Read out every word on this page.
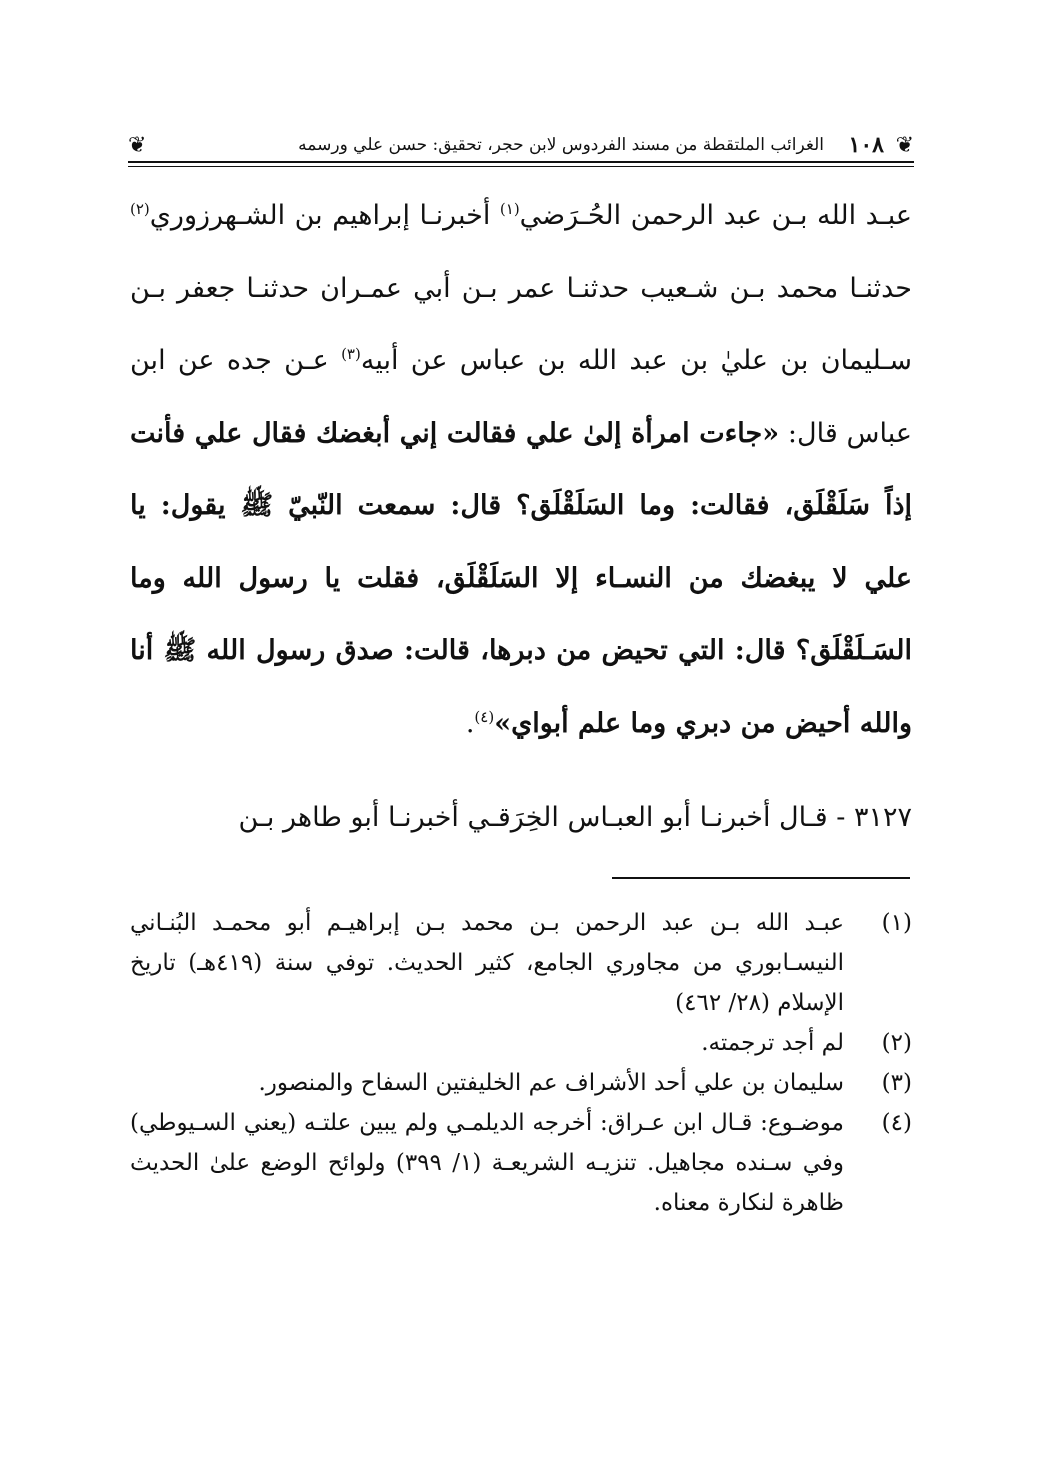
❦	الغرائب الملتقطة من مسند الفردوس لابن حجر، تحقيق: حسن علي ورسمه ١٠٨ ❦

عبـد الله بـن عبد الرحمن الحُـرَضي$^{(١)}$ أخبرنـا إبراهيم بن الشـهرزوري$^{(٢)}$ حدثنـا محمد بـن شـعيب حدثنـا عمر بـن أبي عمـران حدثنـا جعفر بـن سـليمان بن عليٰ بن عبد الله بن عباس عن أبيه$^{(٣)}$ عـن جده عن ابن عباس قال: «جاءت امرأة إلىٰ علي فقالت إني أبغضك فقال علي فأنت إذاً سَلَقْلَق، فقالت: وما السَلَقْلَق؟ قال: سمعت النّبيّ ﷺ يقول: يا علي لا يبغضك من النسـاء إلا السَلَقْلَق، فقلت يا رسول الله وما السَـلَقْلَق؟ قال: التي تحيض من دبرها، قالت: صدق رسول الله ﷺ أنا والله أحيض من دبري وما علم أبواي»$^{(٤)}$.

٣١٢٧ - قـال أخبرنـا أبو العبـاس الخِرَقـي أخبرنـا أبو طاهر بـن

(١)
عبـد الله بـن عبد الرحمن بـن محمد بـن إبراهيـم أبو محمـد البُنـاني النيسـابوري من مجاوري الجامع، كثير الحديث. توفي سنة (٤١٩هـ) تاريخ الإسلام (٢٨/ ٤٦٢)
(٢)
لم أجد ترجمته.
(٣)
سليمان بن علي أحد الأشراف عم الخليفتين السفاح والمنصور.
(٤)
موضـوع: قـال ابن عـراق: أخرجه الديلمـي ولم يبين علتـه (يعني السـيوطي) وفي سـنده مجاهيل. تنزيـه الشريعـة (١/ ٣٩٩) ولوائح الوضع علىٰ الحديث ظاهرة لنكارة معناه.
